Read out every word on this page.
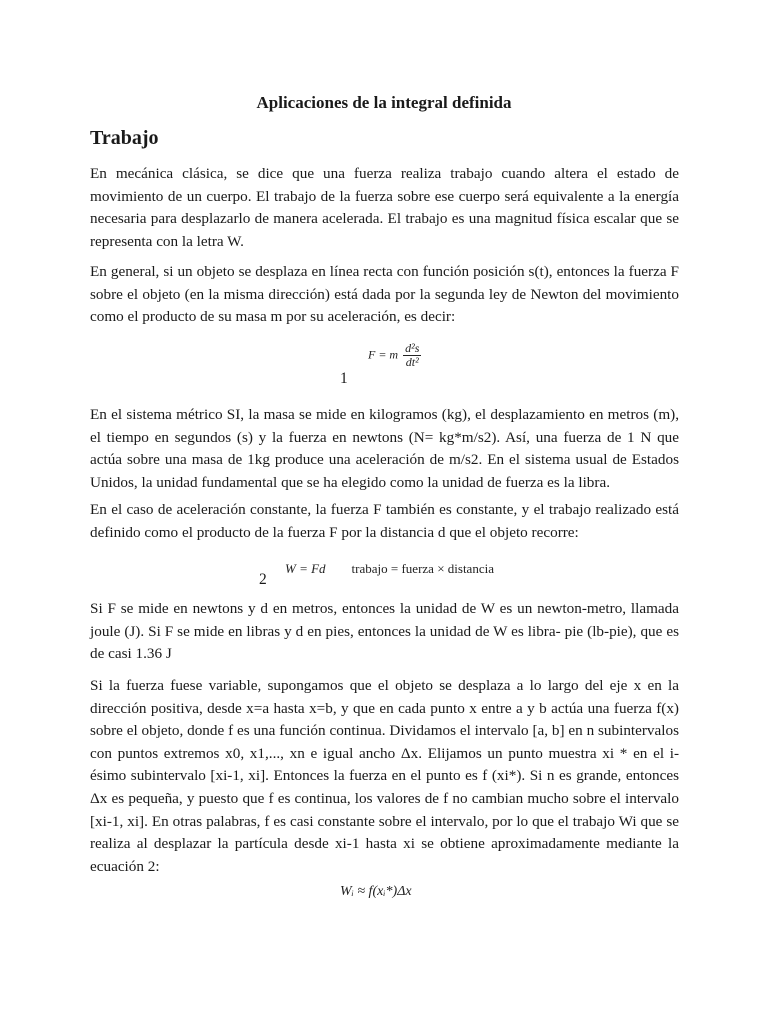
Aplicaciones de la integral definida
Trabajo

En mecánica clásica, se dice que una fuerza realiza trabajo cuando altera el estado de movimiento de un cuerpo. El trabajo de la fuerza sobre ese cuerpo será equivalente a la energía necesaria para desplazarlo de manera acelerada. El trabajo es una magnitud física escalar que se representa con la letra W.

En general, si un objeto se desplaza en línea recta con función posición s(t), entonces la fuerza F sobre el objeto (en la misma dirección) está dada por la segunda ley de Newton del movimiento como el producto de su masa m por su aceleración, es decir:

F = m $\frac{\text{d²s}}{\text{dt²}}$
1

En el sistema métrico SI, la masa se mide en kilogramos (kg), el desplazamiento en metros (m), el tiempo en segundos (s) y la fuerza en newtons (N= kg*m/s2). Así, una fuerza de 1 N que actúa sobre una masa de 1kg produce una aceleración de m/s2. En el sistema usual de Estados Unidos, la unidad fundamental que se ha elegido como la unidad de fuerza es la libra.

En el caso de aceleración constante, la fuerza F también es constante, y el trabajo realizado está definido como el producto de la fuerza F por la distancia d que el objeto recorre:

W = Fd trabajo = fuerza × distancia
2

Si F se mide en newtons y d en metros, entonces la unidad de W es un newton-metro, llamada joule (J). Si F se mide en libras y d en pies, entonces la unidad de W es libra- pie (lb-pie), que es de casi 1.36 J

Si la fuerza fuese variable, supongamos que el objeto se desplaza a lo largo del eje x en la dirección positiva, desde x=a hasta x=b, y que en cada punto x entre a y b actúa una fuerza f(x) sobre el objeto, donde f es una función continua. Dividamos el intervalo [a, b] en n subintervalos con puntos extremos x0, x1,..., xn e igual ancho Δx. Elijamos un punto muestra xi * en el i-ésimo subintervalo [xi-1, xi]. Entonces la fuerza en el punto es f (xi*). Si n es grande, entonces Δx es pequeña, y puesto que f es continua, los valores de f no cambian mucho sobre el intervalo [xi-1, xi]. En otras palabras, f es casi constante sobre el intervalo, por lo que el trabajo Wi que se realiza al desplazar la partícula desde xi-1 hasta xi se obtiene aproximadamente mediante la ecuación 2:

Wᵢ ≈ f(xᵢ*)Δx
